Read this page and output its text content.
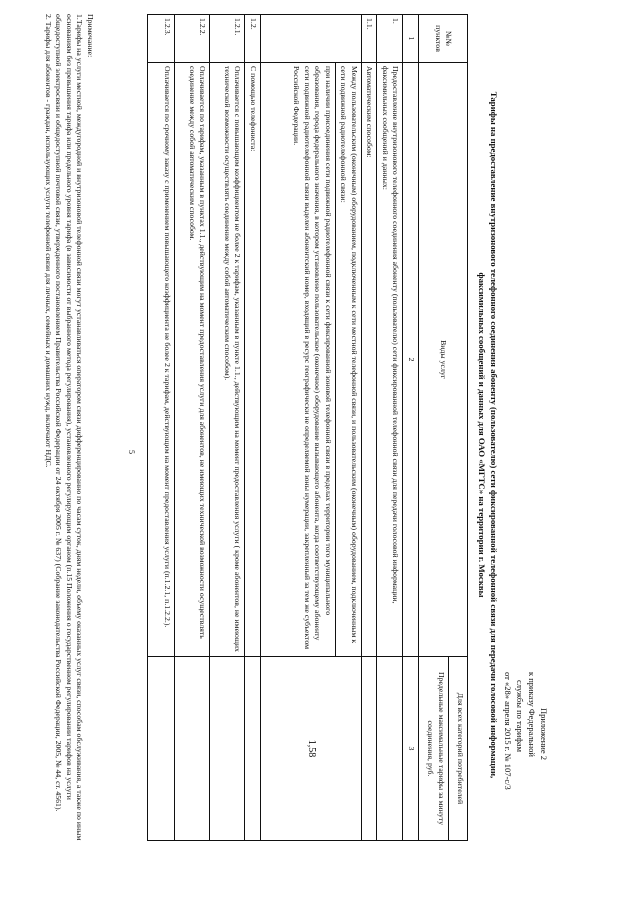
Приложение 2
к приказу Федеральной
службы по тарифам
от «28» апреля 2015 г. № 107-с/3
Тарифы на предоставление внутризонового телефонного соединения абоненту (пользователю) сети фиксированной телефонной связи для передачи голосовой информации,
факсимильных сообщений и данных для ОАО «МГТС» на территории г. Москвы
№№ пунктов	Виды услуг	Для всех категорий потребителей
		Предельные максимальные тарифы за минуту соединения, руб.
1	2	3
1.	Предоставление внутризонового телефонного соединения абоненту (пользователю) сети фиксированной телефонной связи для передачи голосовой информации, факсимильных сообщений и данных:	
1.1.	Автоматическим способом:	
	Между пользовательским (оконечным) оборудованием, подключенным к сети местной телефонной связи, и пользовательским (оконечным) оборудованием, подключенным к сети подвижной радиотелефонной связи:	1,58
	при наличии присоединения сети подвижной радиотелефонной связи к сети фиксированной зоновой телефонной связи в пределах территории того муниципального образования, города федерального значения, в котором установлено пользовательское (оконечное) оборудование вызывающего абонента, когда соответствующему абоненту сети подвижной радиотелефонной связи выделен абонентский номер, входящий в ресурс географически не определяемой зоны нумерации, закрепленный за тем же субъектом Российской Федерации.	
1.2.	С помощью телефониста:	
1.2.1.	Оплачивается с повышающим коэффициентом не более 2 к тарифам, указанным в пункте 1.1., действующим на момент предоставления услуги ( кроме абонентов, не имеющих технической возможности осуществлять соединение между собой автоматическим способом).	
1.2.2.	Оплачивается по тарифам, указанным в пунктах 1.1., действующим на момент предоставления услуги для абонентов, не имеющих технической возможности осуществлять соединение между собой автоматическим способом.	
1.2.3.	Оплачивается по срочному заказу с применением повышающего коэффициента не более 2 к тарифам, действующим на момент предоставления услуги (п.1.2.1, п.1.2.2.).	
5

Примечание:

1.Тарифы на услуги местной, междугородной и внутризоновой телефонной связи могут устанавливаться оператором связи дифференцированно по часам суток, дням недели, объему оказанных услуг связи, способам обслуживания, а также по иным основаниям без превышения тарифа или предельного уровня тарифа (в зависимости от выбранного метода регулирования), установленного регулирующим органом (п.15 Положения о государственном регулировании тарифов на услуги общедоступной электросвязи и общедоступной почтовой связи, утвержденного постановлением Правительства Российской Федерации от 24 октября 2005 г. № 637) (Собрание законодательства Российской Федерации, 2005, № 44, ст. 4561).

2. Тарифы для абонентов - граждан, использующих услуги телефонной связи для личных, семейных и домашних нужд, включают НДС.
